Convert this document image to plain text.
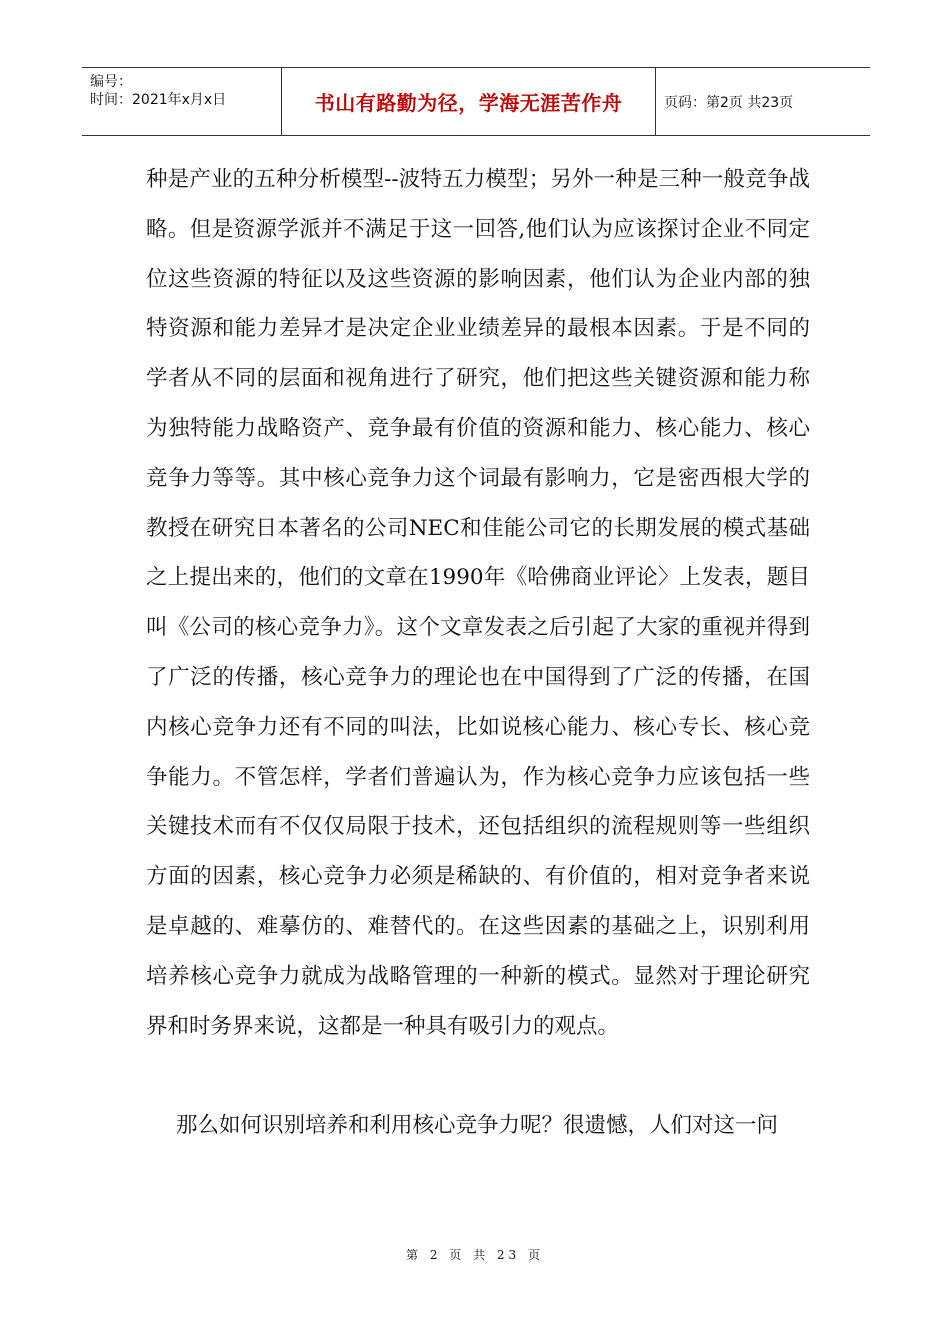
编号：
时间：2021年x月x日	书山有路勤为径，学海无涯苦作舟	页码：第2页 共23页

种是产业的五种分析模型--波特五力模型；另外一种是三种一般竞争战略。但是资源学派并不满足于这一回答,他们认为应该探讨企业不同定位这些资源的特征以及这些资源的影响因素，他们认为企业内部的独特资源和能力差异才是决定企业业绩差异的最根本因素。于是不同的学者从不同的层面和视角进行了研究，他们把这些关键资源和能力称为独特能力战略资产、竞争最有价值的资源和能力、核心能力、核心竞争力等等。其中核心竞争力这个词最有影响力，它是密西根大学的教授在研究日本著名的公司NEC和佳能公司它的长期发展的模式基础之上提出来的，他们的文章在1990年《哈佛商业评论〉上发表，题目叫《公司的核心竞争力》。这个文章发表之后引起了大家的重视并得到了广泛的传播，核心竞争力的理论也在中国得到了广泛的传播，在国内核心竞争力还有不同的叫法，比如说核心能力、核心专长、核心竞争能力。不管怎样，学者们普遍认为，作为核心竞争力应该包括一些关键技术而有不仅仅局限于技术，还包括组织的流程规则等一些组织方面的因素，核心竞争力必须是稀缺的、有价值的，相对竞争者来说是卓越的、难摹仿的、难替代的。在这些因素的基础之上，识别利用培养核心竞争力就成为战略管理的一种新的模式。显然对于理论研究界和时务界来说，这都是一种具有吸引力的观点。

那么如何识别培养和利用核心竞争力呢？很遗憾，人们对这一问

第 2 页 共 23 页
